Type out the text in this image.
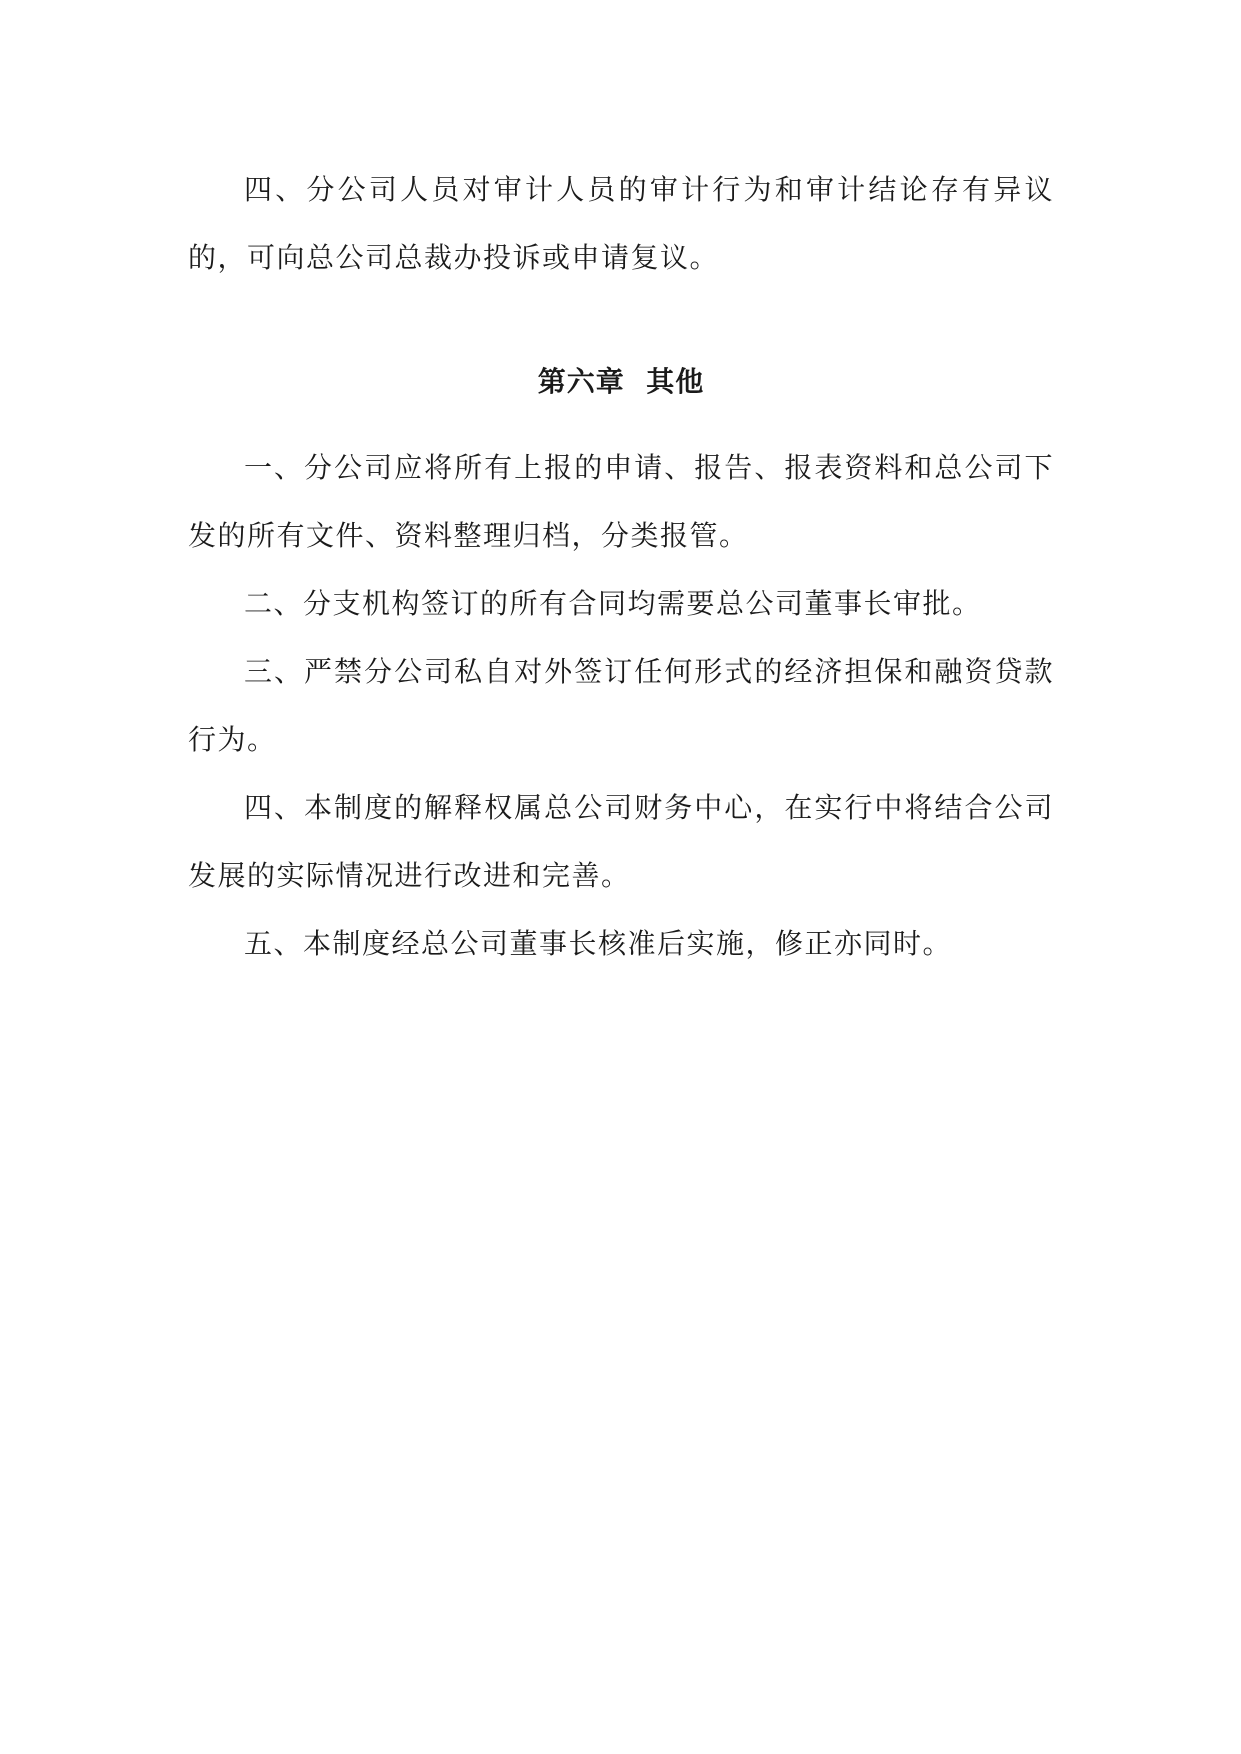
四、分公司人员对审计人员的审计行为和审计结论存有异议的，可向总公司总裁办投诉或申请复议。

第六章  其他

一、分公司应将所有上报的申请、报告、报表资料和总公司下发的所有文件、资料整理归档，分类报管。

二、分支机构签订的所有合同均需要总公司董事长审批。

三、严禁分公司私自对外签订任何形式的经济担保和融资贷款行为。

四、本制度的解释权属总公司财务中心，在实行中将结合公司发展的实际情况进行改进和完善。

五、本制度经总公司董事长核准后实施，修正亦同时。
